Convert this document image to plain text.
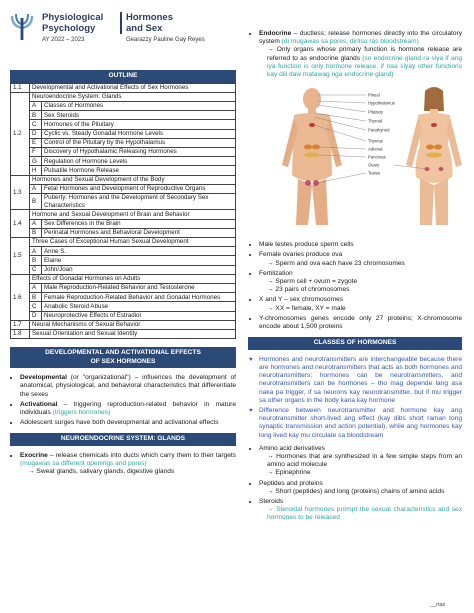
Physiological
Psychology
Hormones
and Sex
AY 2022 – 2023	Gearazzy Pauline Gay Reyes
OUTLINE
1.1	Developmental and Activational Effects of Sex Hormones	
1.2	Neuroendocrine System: Glands	
	A	Classes of Hormones
	B	Sex Steroids
	C	Hormones of the Pituitary
	D	Cyclic vs. Steady Gonadal Hormone Levels
	E	Control of the Pituitary by the Hypothalamus
	F	Discovery of Hypothalamic Releasing Hormones
	G	Regulation of Hormone Levels
	H	Pulsatile Hormone Release
1.3	Hormones and Sexual Development of the Body	
	A	Fetal Hormones and Development of Reproductive Organs
	B	Puberty: Hormones and the Development of Secondary Sex Characteristics
1.4	Hormone and Sexual Development of Brain and Behavior	
	A	Sex Differences in the Brain
	B	Perinatal Hormones and Behavioral Development
1.5	Three Cases of Exceptional Human Sexual Development	
	A	Anne S.
	B	Elaine
	C	John/Joan
1.6	Effects of Gonadal Hormones on Adults	
	A	Male Reproduction-Related Behavior and Testosterone
	B	Female Reproduction-Related Behavior and Gonadal Hormones
	C	Anabolic Steroid Abuse
	D	Neuroprotective Effects of Estradiol
1.7	Neural Mechanisms of Sexual Behavior	
1.8	Sexual Orientation and Sexual Identity	
DEVELOPMENTAL AND ACTIVATIONAL EFFECTS
OF SEX HORMONES
• Developmental (or "organizational") – influences the development of anatomical, physiological, and behavioral characteristics that differentiate the sexes
• Activational – triggering reproduction-related behavior in mature individuals (triggers hormones)
• Adolescent surges have both developmental and activational effects
NEUROENDOCRINE SYSTEM: GLANDS
• Exocrine – release chemicals into ducts which carry them to their targets (mugawas sa different openings and pores)
→ Sweat glands, salivary glands, digestive glands
• Endocrine – ductless; release hormones directly into the circulatory system (di mugawas sa pores, diritso ras bloodstream)
→ Only organs whose primary function is hormone release are referred to as endocrine glands (so endocrine gland ra siya if ang iya function is only hormone release, if naa siyay other functions kay dili daw matawag nga endocrine gland)
Pineal
Hypothalamus
Pituitary
Thyroid
Parathyroid
Thymus
Adrenal
Pancreas
Ovary
Testes
• Male testes produce sperm cells
• Female ovaries produce ova
→ Sperm and ova each have 23 chromosomes
• Fertilization
→ Sperm cell + ovum = zygote
→ 23 pairs of chromosomes
• X and Y – sex chromosomes
→ XX = female, XY = male
• Y-chromosomes genes encode only 27 proteins; X-chromosome encode about 1,500 proteins
CLASSES OF HORMONES
♥ Hormones and neurotransmitters are interchangeable because there are hormones and neurotransmitters that acts as both hormones and neurotransmitters; hormones can be neurotransmitters, and neurotransmitters can be hormones – tho mag depende lang asa naka pa trigger, if sa neurons kay neurotransmitter, but if mu trigger sa other organs in the body kana kay hormone
♥ Difference between neurotransmitter and hormone kay ang neurotransmitter short-lived ang effect (kay dibs short raman tong synaptic transmission and action potential), while ang hormones kay long lived kay mu circulate sa bloodstream
• Amino acid derivatives
→ Hormones that are synthesized in a few simple steps from an amino acid molecule
→ Epinephrine
• Peptides and proteins
→ Short (peptides) and long (proteins) chains of amino acids
• Steroids
→ Steroidal hormones prompt the sexual characteristics and sex hormones to be released
__rtaz
